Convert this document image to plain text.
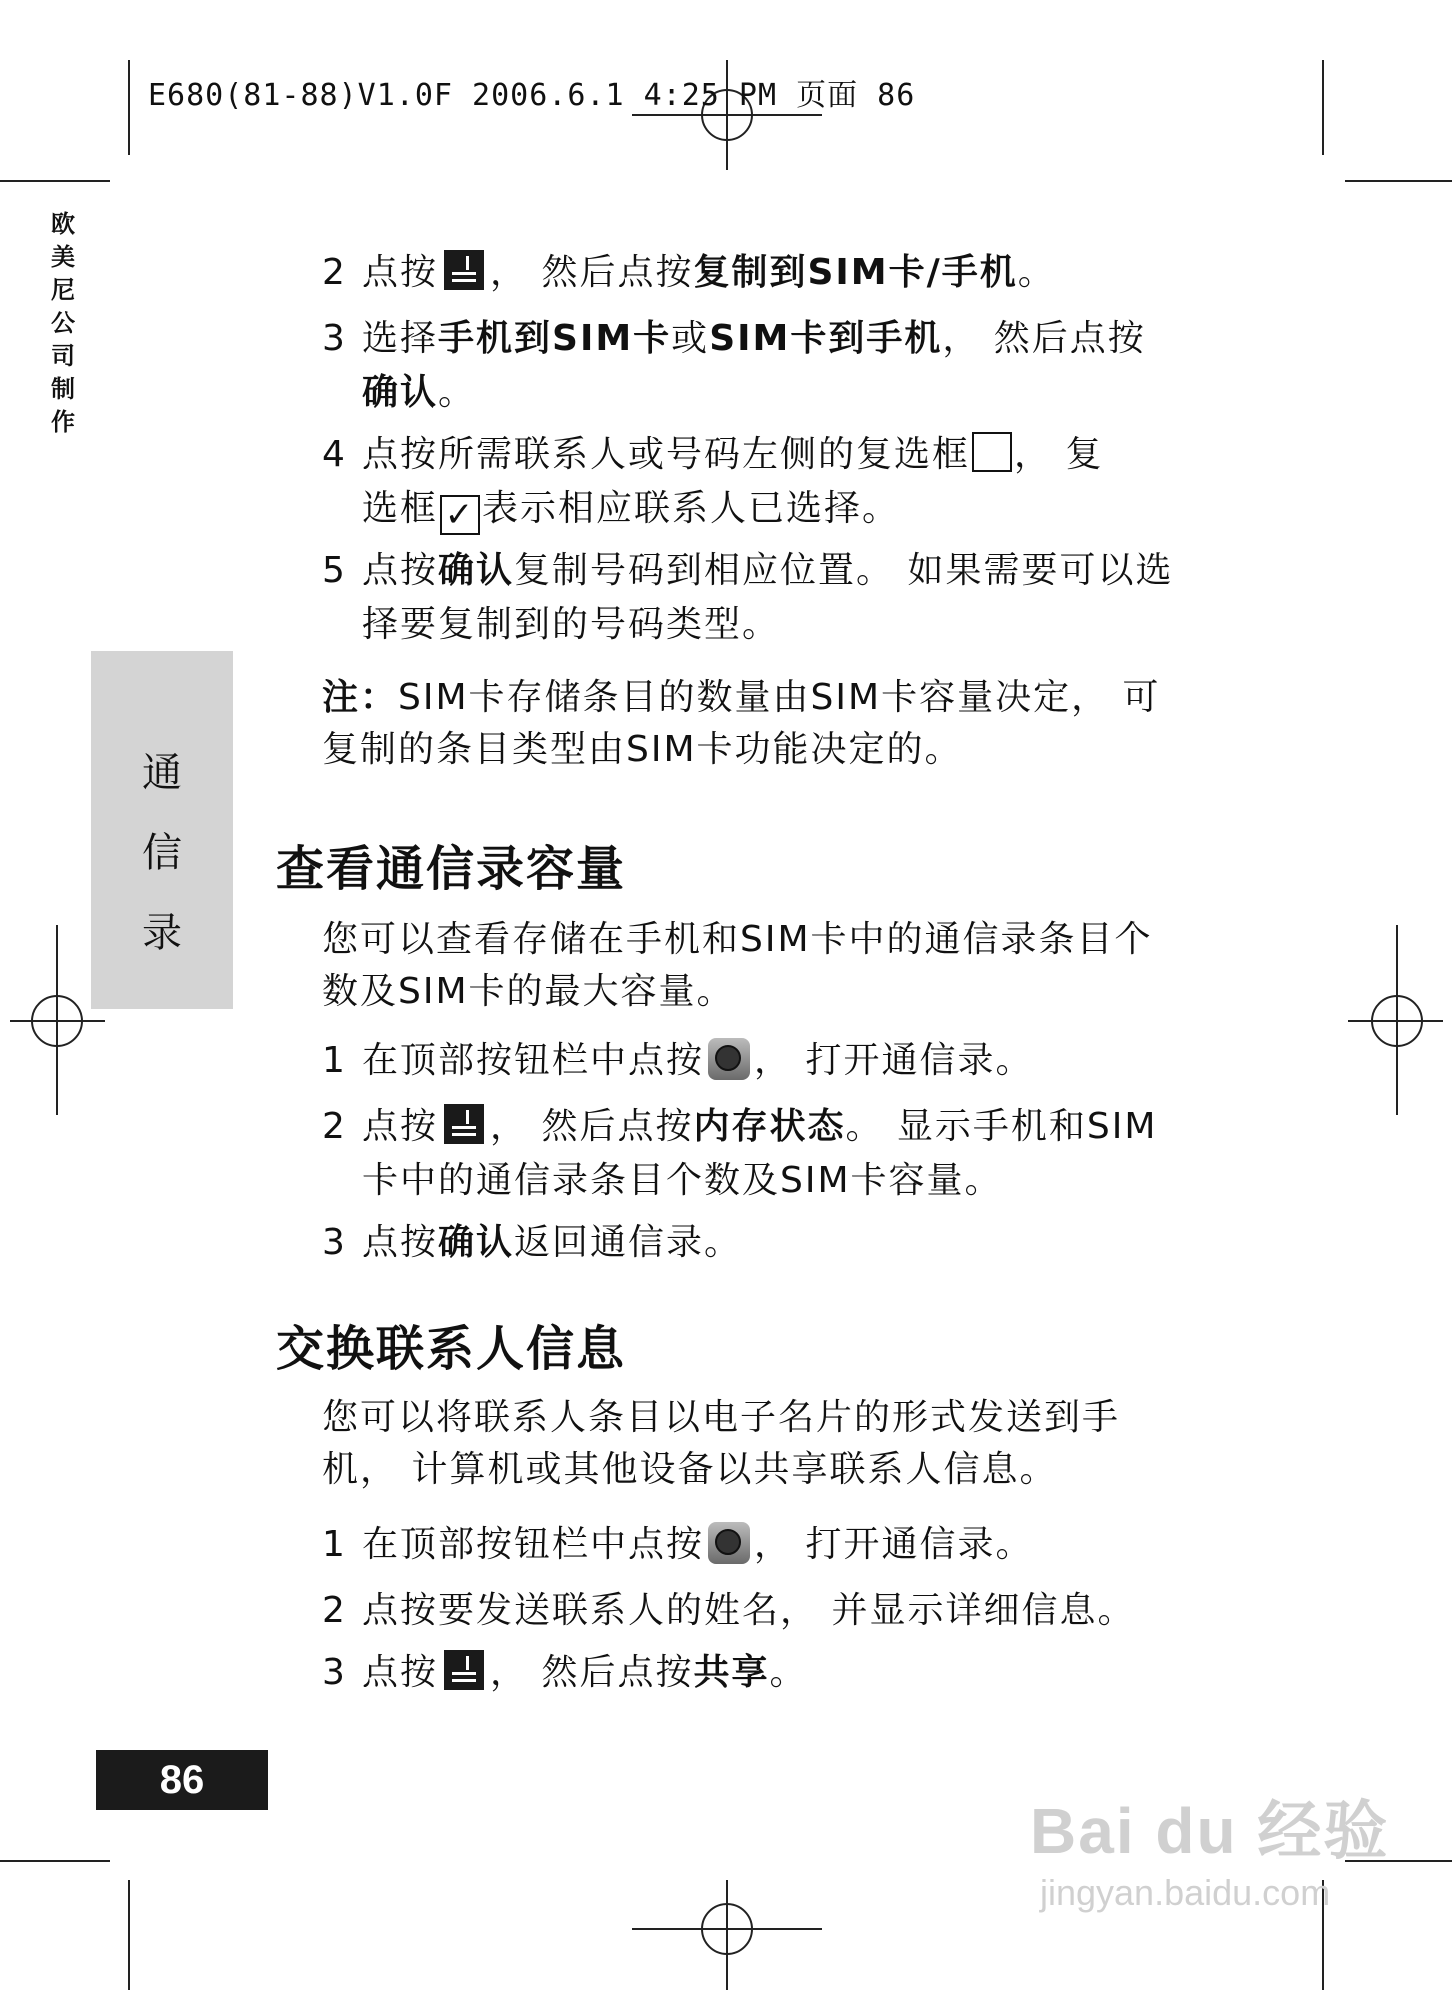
E680(81-88)V1.0F 2006.6.1 4:25 PM 页面 86
欧
美
尼
公
司
制
作
通
信
录
86
2 点按 ， 然后点按复制到SIM卡/手机。
3 选择手机到SIM卡或SIM卡到手机， 然后点按确认。
4 点按所需联系人或号码左侧的复选框 ， 复
选框 ✓ 表示相应联系人已选择。
5 点按确认复制号码到相应位置。 如果需要可以选择要复制到的号码类型。
注：SIM卡存储条目的数量由SIM卡容量决定， 可复制的条目类型由SIM卡功能决定的。
查看通信录容量
您可以查看存储在手机和SIM卡中的通信录条目个数及SIM卡的最大容量。
1 在顶部按钮栏中点按 ， 打开通信录。
2 点按 ， 然后点按内存状态。 显示手机和SIM卡中的通信录条目个数及SIM卡容量。
3 点按确认返回通信录。
交换联系人信息
您可以将联系人条目以电子名片的形式发送到手机， 计算机或其他设备以共享联系人信息。
1 在顶部按钮栏中点按 ， 打开通信录。
2 点按要发送联系人的姓名， 并显示详细信息。
3 点按 ， 然后点按共享。
Bai du 经验
jingyan.baidu.com
